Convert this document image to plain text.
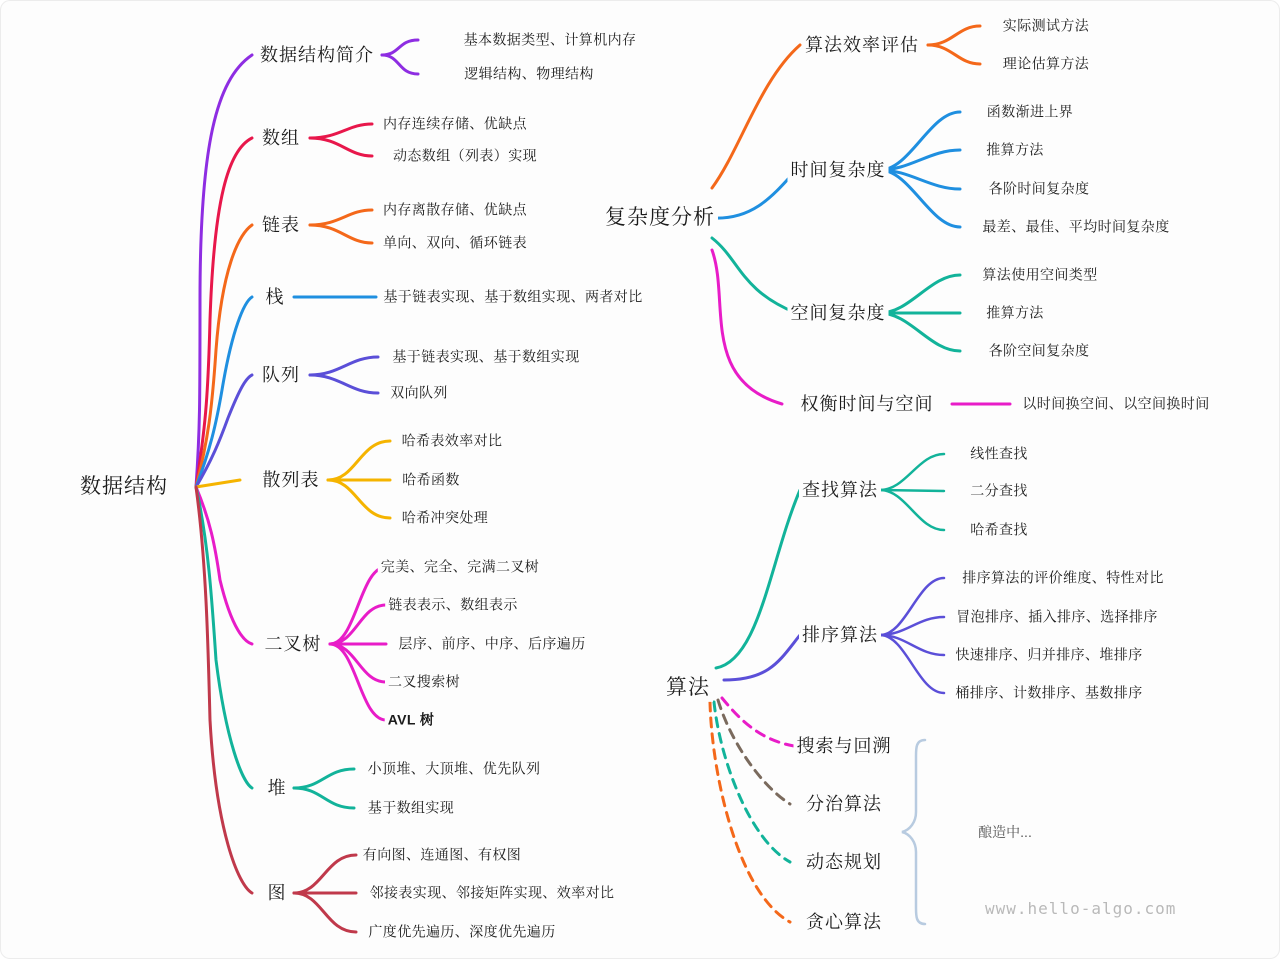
数据结构
复杂度分析
算法
数据结构简介
数组
链表
栈
队列
散列表
二叉树
堆
图
基本数据类型、计算机内存
逻辑结构、物理结构
内存连续存储、优缺点
动态数组（列表）实现
内存离散存储、优缺点
单向、双向、循环链表
基于链表实现、基于数组实现、两者对比
基于链表实现、基于数组实现
双向队列
哈希表效率对比
哈希函数
哈希冲突处理
完美、完全、完满二叉树
链表表示、数组表示
层序、前序、中序、后序遍历
二叉搜索树
AVL 树
小顶堆、大顶堆、优先队列
基于数组实现
有向图、连通图、有权图
邻接表实现、邻接矩阵实现、效率对比
广度优先遍历、深度优先遍历
算法效率评估
时间复杂度
空间复杂度
权衡时间与空间
实际测试方法
理论估算方法
函数渐进上界
推算方法
各阶时间复杂度
最差、最佳、平均时间复杂度
算法使用空间类型
推算方法
各阶空间复杂度
以时间换空间、以空间换时间
查找算法
排序算法
搜索与回溯
分治算法
动态规划
贪心算法
线性查找
二分查找
哈希查找
排序算法的评价维度、特性对比
冒泡排序、插入排序、选择排序
快速排序、归并排序、堆排序
桶排序、计数排序、基数排序
酿造中...
www.hello-algo.com
